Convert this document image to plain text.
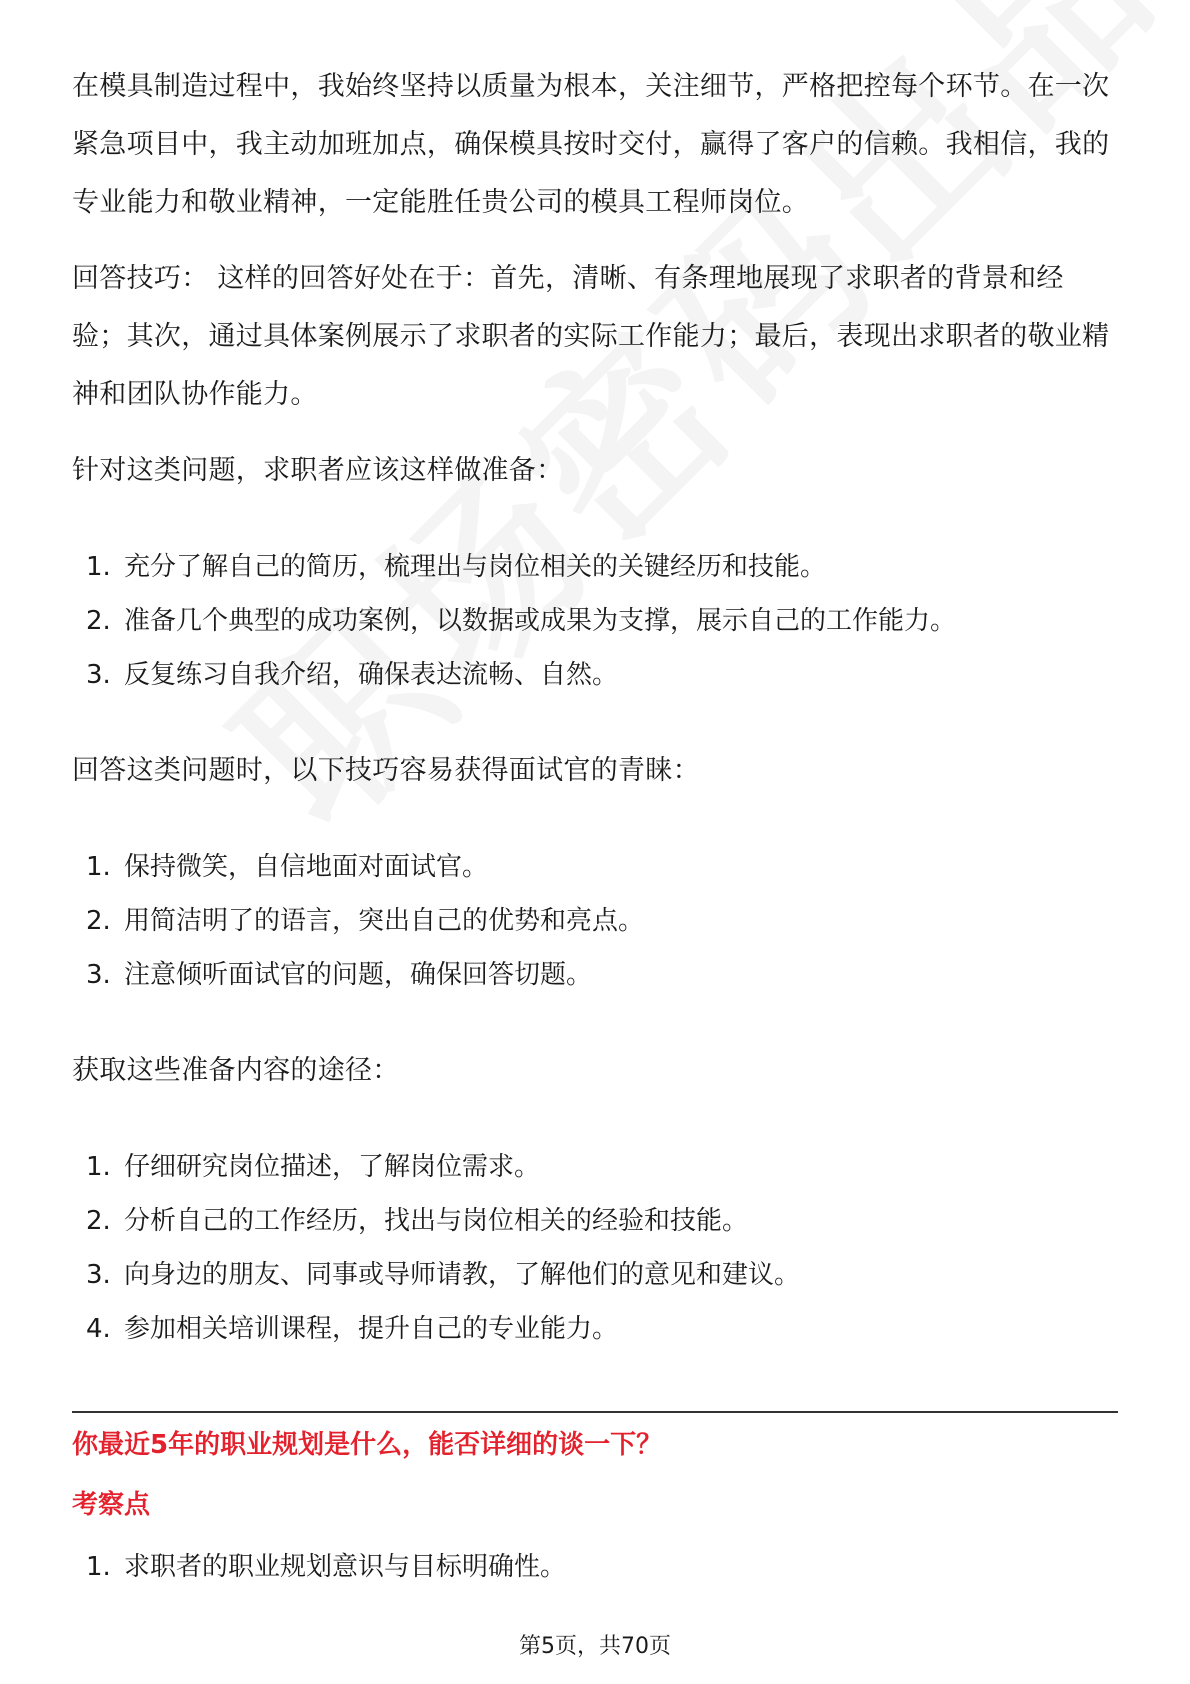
在模具制造过程中，我始终坚持以质量为根本，关注细节，严格把控每个环节。在一次紧急项目中，我主动加班加点，确保模具按时交付，赢得了客户的信赖。我相信，我的专业能力和敬业精神，一定能胜任贵公司的模具工程师岗位。

回答技巧： 这样的回答好处在于：首先，清晰、有条理地展现了求职者的背景和经验；其次，通过具体案例展示了求职者的实际工作能力；最后，表现出求职者的敬业精神和团队协作能力。

针对这类问题，求职者应该这样做准备：

1. 充分了解自己的简历，梳理出与岗位相关的关键经历和技能。
2. 准备几个典型的成功案例，以数据或成果为支撑，展示自己的工作能力。
3. 反复练习自我介绍，确保表达流畅、自然。

回答这类问题时，以下技巧容易获得面试官的青睐：

1. 保持微笑，自信地面对面试官。
2. 用简洁明了的语言，突出自己的优势和亮点。
3. 注意倾听面试官的问题，确保回答切题。

获取这些准备内容的途径：

1. 仔细研究岗位描述，了解岗位需求。
2. 分析自己的工作经历，找出与岗位相关的经验和技能。
3. 向身边的朋友、同事或导师请教，了解他们的意见和建议。
4. 参加相关培训课程，提升自己的专业能力。
你最近5年的职业规划是什么，能否详细的谈一下？
考察点
1. 求职者的职业规划意识与目标明确性。
第5页，共70页
